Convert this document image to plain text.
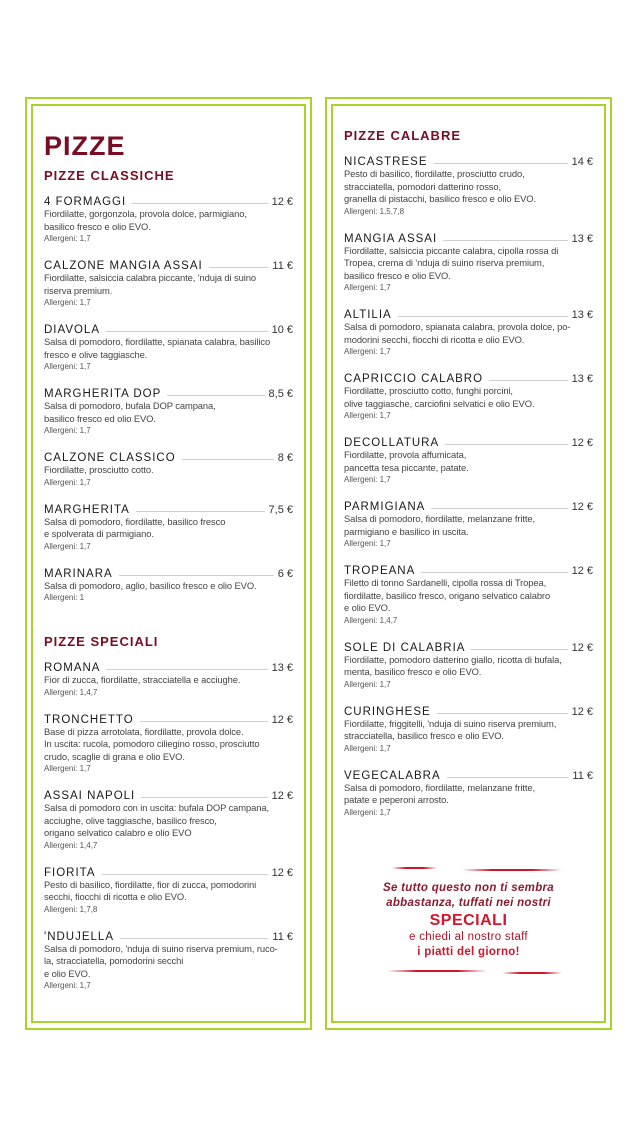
PIZZE
PIZZE CLASSICHE
4 FORMAGGI	12 €
Fiordilatte, gorgonzola, provola dolce, parmigiano,
basilico fresco e olio EVO.
Allergeni: 1,7
CALZONE MANGIA ASSAI	11 €
Fiordilatte, salsiccia calabra piccante, 'nduja di suino
riserva premium.
Allergeni: 1,7
DIAVOLA	10 €
Salsa di pomodoro, fiordilatte, spianata calabra, basilico
fresco e olive taggiasche.
Allergeni: 1,7
MARGHERITA DOP	8,5 €
Salsa di pomodoro, bufala DOP campana,
basilico fresco ed olio EVO.
Allergeni: 1,7
CALZONE CLASSICO	8 €
Fiordilatte, prosciutto cotto.
Allergeni: 1,7
MARGHERITA	7,5 €
Salsa di pomodoro, fiordilatte, basilico fresco
e spolverata di parmigiano.
Allergeni: 1,7
MARINARA	6 €
Salsa di pomodoro, aglio, basilico fresco e olio EVO.
Allergeni: 1
PIZZE SPECIALI
ROMANA	13 €
Fior di zucca, fiordilatte, stracciatella e acciughe.
Allergeni: 1,4,7
TRONCHETTO	12 €
Base di pizza arrotolata, fiordilatte, provola dolce.
In uscita: rucola, pomodoro ciliegino rosso, prosciutto
crudo, scaglie di grana e olio EVO.
Allergeni: 1,7
ASSAI NAPOLI	12 €
Salsa di pomodoro con in uscita: bufala DOP campana,
acciughe, olive taggiasche, basilico fresco,
origano selvatico calabro e olio EVO
Allergeni: 1,4,7
FIORITA	12 €
Pesto di basilico, fiordilatte, fior di zucca, pomodorini
secchi, fiocchi di ricotta e olio EVO.
Allergeni: 1,7,8
'NDUJELLA	11 €
Salsa di pomodoro, 'nduja di suino riserva premium, ruco-
la, stracciatella, pomodorini secchi
e olio EVO.
Allergeni: 1,7
PIZZE CALABRE
NICASTRESE	14 €
Pesto di basilico, fiordilatte, prosciutto crudo,
stracciatella, pomodori datterino rosso,
granella di pistacchi, basilico fresco e olio EVO.
Allergeni: 1,5,7,8
MANGIA ASSAI	13 €
Fiordilatte, salsiccia piccante calabra, cipolla rossa di
Tropea, crema di 'nduja di suino riserva premium,
basilico fresco e olio EVO.
Allergeni: 1,7
ALTILIA	13 €
Salsa di pomodoro, spianata calabra, provola dolce, po-
modorini secchi, fiocchi di ricotta e olio EVO.
Allergeni: 1,7
CAPRICCIO CALABRO	13 €
Fiordilatte, prosciutto cotto, funghi porcini,
olive taggiasche, carciofini selvatici e olio EVO.
Allergeni: 1,7
DECOLLATURA	12 €
Fiordilatte, provola affumicata,
pancetta tesa piccante, patate.
Allergeni: 1,7
PARMIGIANA	12 €
Salsa di pomodoro, fiordilatte, melanzane fritte,
parmigiano e basilico in uscita.
Allergeni: 1,7
TROPEANA	12 €
Filetto di tonno Sardanelli, cipolla rossa di Tropea,
fiordilatte, basilico fresco, origano selvatico calabro
e olio EVO.
Allergeni: 1,4,7
SOLE DI CALABRIA	12 €
Fiordilatte, pomodoro datterino giallo, ricotta di bufala,
menta, basilico fresco e olio EVO.
Allergeni: 1,7
CURINGHESE	12 €
Fiordilatte, friggitelli, 'nduja di suino riserva premium,
stracciatella, basilico fresco e olio EVO.
Allergeni: 1,7
VEGECALABRA	11 €
Salsa di pomodoro, fiordilatte, melanzane fritte,
patate e peperoni arrosto.
Allergeni: 1,7
Se tutto questo non ti sembra
abbastanza, tuffati nei nostri
SPECIALI
e chiedi al nostro staff
i piatti del giorno!
